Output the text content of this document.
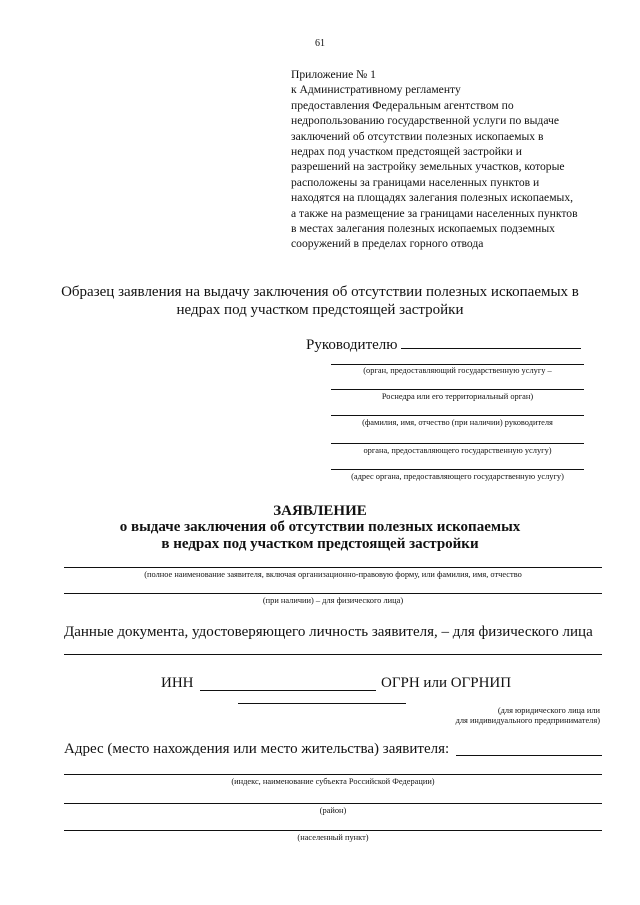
61
Приложение № 1
к Административному регламенту
предоставления Федеральным агентством по
недропользованию государственной услуги по выдаче
заключений об отсутствии полезных ископаемых в
недрах под участком предстоящей застройки и
разрешений на застройку земельных участков, которые
расположены за границами населенных пунктов и
находятся на площадях залегания полезных ископаемых,
а также на размещение за границами населенных пунктов
в местах залегания полезных ископаемых подземных
сооружений в пределах горного отвода
Образец заявления на выдачу заключения об отсутствии полезных ископаемых в
недрах под участком предстоящей застройки
Руководителю
(орган, предоставляющий государственную услугу –
Роснедра или его территориальный орган)
(фамилия, имя, отчество (при наличии) руководителя
органа, предоставляющего государственную услугу)
(адрес органа, предоставляющего государственную услугу)
ЗАЯВЛЕНИЕ
о выдаче заключения об отсутствии полезных ископаемых
в недрах под участком предстоящей застройки
(полное наименование заявителя, включая организационно-правовую форму, или фамилия, имя, отчество
(при наличии) – для физического лица)
Данные документа, удостоверяющего личность заявителя, – для физического лица
ИНН	ОГРН или ОГРНИП
(для юридического лица или
для индивидуального предпринимателя)
Адрес (место нахождения или место жительства) заявителя:
(индекс, наименование субъекта Российской Федерации)
(район)
(населенный пункт)
